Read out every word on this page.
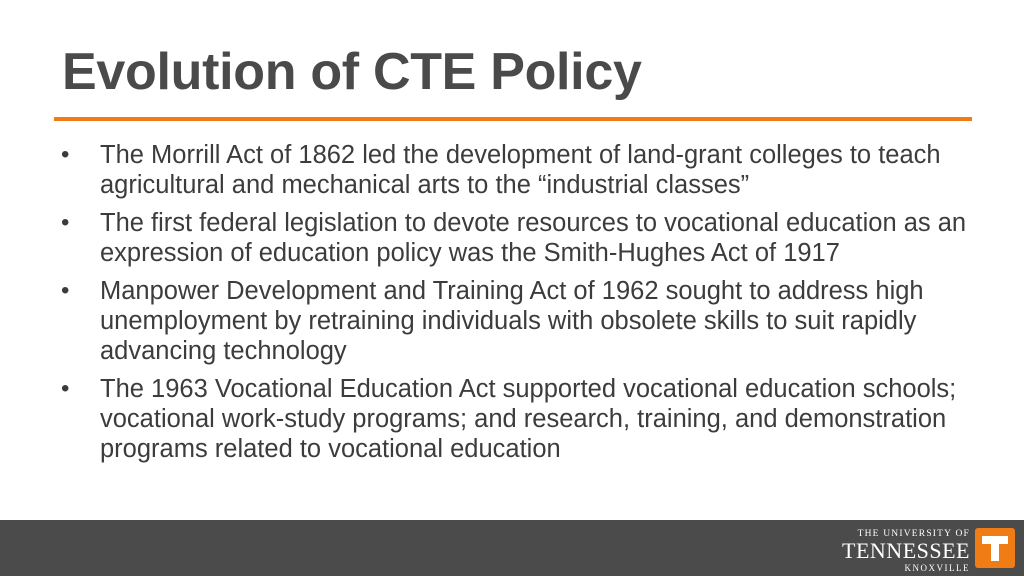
Evolution of CTE Policy
• The Morrill Act of 1862 led the development of land-grant colleges to teach agricultural and mechanical arts to the “industrial classes”
• The first federal legislation to devote resources to vocational education as an expression of education policy was the Smith-Hughes Act of 1917
• Manpower Development and Training Act of 1962 sought to address high unemployment by retraining individuals with obsolete skills to suit rapidly advancing technology
• The 1963 Vocational Education Act supported vocational education schools; vocational work-study programs; and research, training, and demonstration programs related to vocational education
THE UNIVERSITY OF
TENNESSEE
KNOXVILLE
